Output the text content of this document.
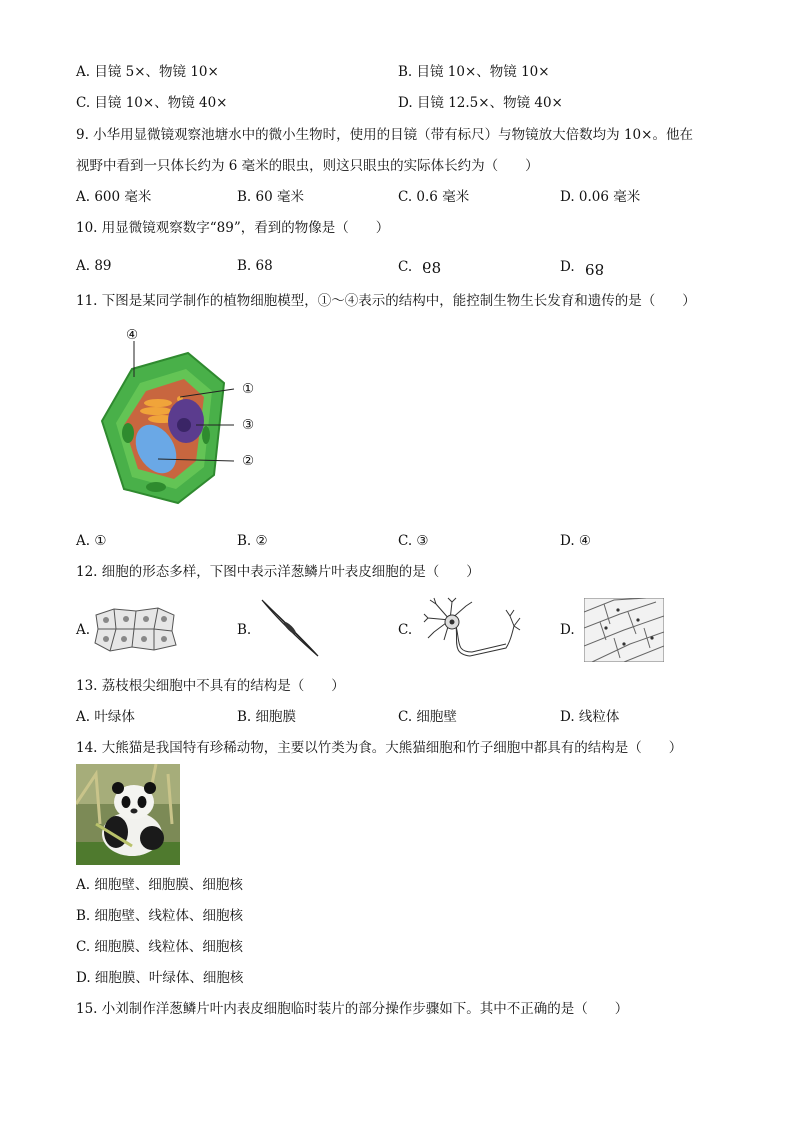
A. 目镜 5×、物镜 10×	B. 目镜 10×、物镜 10×
C. 目镜 10×、物镜 40×	D. 目镜 12.5×、物镜 40×
9. 小华用显微镜观察池塘水中的微小生物时，使用的目镜（带有标尺）与物镜放大倍数均为 10×。他在
视野中看到一只体长约为 6 毫米的眼虫，则这只眼虫的实际体长约为（　　）
A. 600 毫米	B. 60 毫米	C. 0.6 毫米	D. 0.06 毫米
10. 用显微镜观察数字“89”，看到的物像是（　　）
A. 89	B. 68	C. 89	D. 89
11. 下图是某同学制作的植物细胞模型，①～④表示的结构中，能控制生物生长发育和遗传的是（　　）
④
①
③
②
A. ①	B. ②	C. ③	D. ④
12. 细胞的形态多样，下图中表示洋葱鳞片叶表皮细胞的是（　　）
A.	B.	C.	D.
13. 荔枝根尖细胞中不具有的结构是（　　）
A. 叶绿体	B. 细胞膜	C. 细胞壁	D. 线粒体
14. 大熊猫是我国特有珍稀动物，主要以竹类为食。大熊猫细胞和竹子细胞中都具有的结构是（　　）
A. 细胞壁、细胞膜、细胞核
B. 细胞壁、线粒体、细胞核
C. 细胞膜、线粒体、细胞核
D. 细胞膜、叶绿体、细胞核
15. 小刘制作洋葱鳞片叶内表皮细胞临时装片的部分操作步骤如下。其中不正确的是（　　）
